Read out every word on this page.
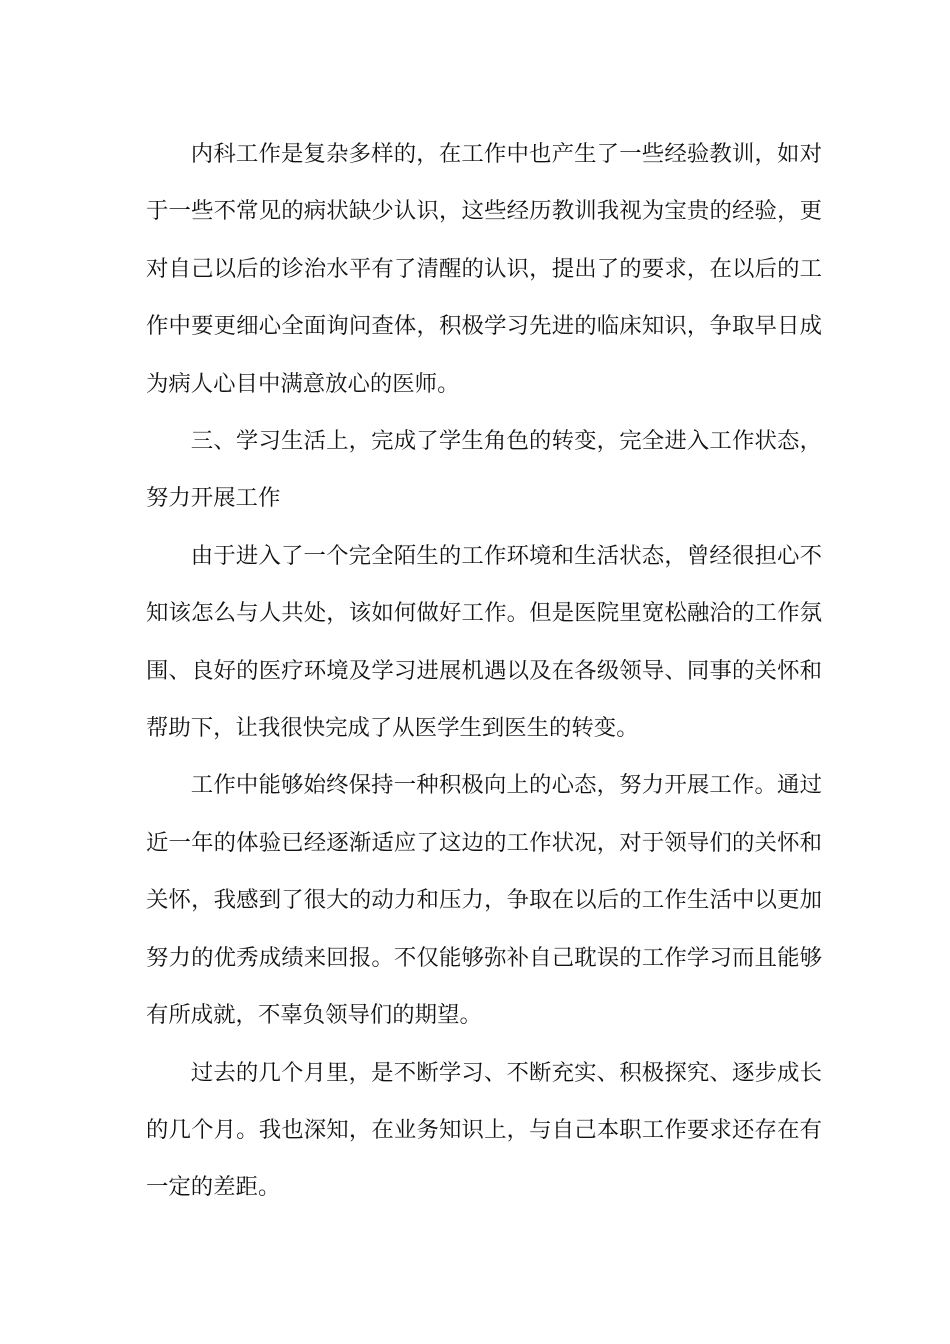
内科工作是复杂多样的，在工作中也产生了一些经验教训，如对于一些不常见的病状缺少认识，这些经历教训我视为宝贵的经验，更对自己以后的诊治水平有了清醒的认识，提出了的要求，在以后的工作中要更细心全面询问查体，积极学习先进的临床知识，争取早日成为病人心目中满意放心的医师。

三、学习生活上，完成了学生角色的转变，完全进入工作状态，努力开展工作

由于进入了一个完全陌生的工作环境和生活状态，曾经很担心不知该怎么与人共处，该如何做好工作。但是医院里宽松融洽的工作氛围、良好的医疗环境及学习进展机遇以及在各级领导、同事的关怀和帮助下，让我很快完成了从医学生到医生的转变。

工作中能够始终保持一种积极向上的心态，努力开展工作。通过近一年的体验已经逐渐适应了这边的工作状况，对于领导们的关怀和关怀，我感到了很大的动力和压力，争取在以后的工作生活中以更加努力的优秀成绩来回报。不仅能够弥补自己耽误的工作学习而且能够有所成就，不辜负领导们的期望。

过去的几个月里，是不断学习、不断充实、积极探究、逐步成长的几个月。我也深知，在业务知识上，与自己本职工作要求还存在有一定的差距。
